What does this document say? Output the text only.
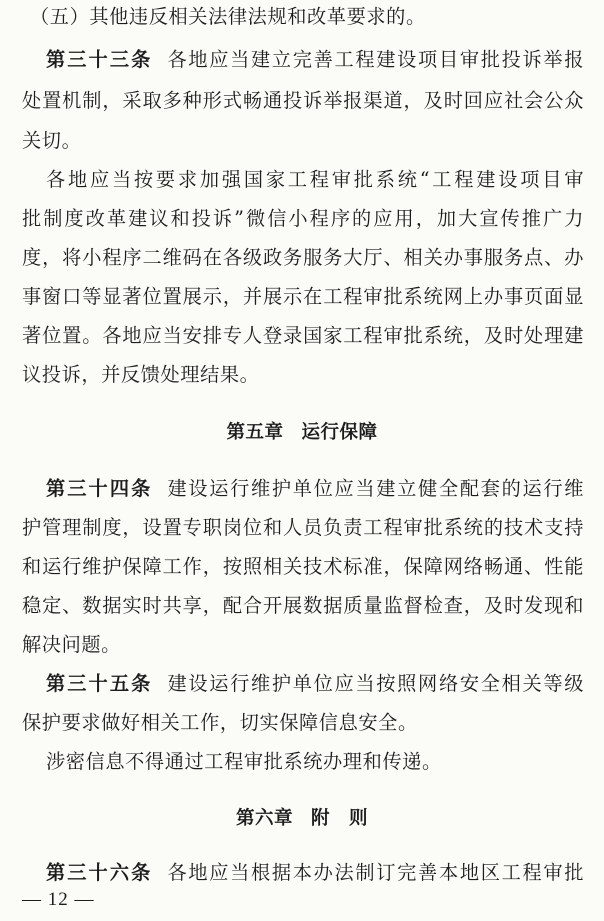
（五）其他违反相关法律法规和改革要求的。
第三十三条 各地应当建立完善工程建设项目审批投诉举报
处置机制，采取多种形式畅通投诉举报渠道，及时回应社会公众
关切。
各地应当按要求加强国家工程审批系统“工程建设项目审
批制度改革建议和投诉”微信小程序的应用，加大宣传推广力
度，将小程序二维码在各级政务服务大厅、相关办事服务点、办
事窗口等显著位置展示，并展示在工程审批系统网上办事页面显
著位置。各地应当安排专人登录国家工程审批系统，及时处理建
议投诉，并反馈处理结果。
第五章 运行保障
第三十四条 建设运行维护单位应当建立健全配套的运行维
护管理制度，设置专职岗位和人员负责工程审批系统的技术支持
和运行维护保障工作，按照相关技术标准，保障网络畅通、性能
稳定、数据实时共享，配合开展数据质量监督检查，及时发现和
解决问题。
第三十五条 建设运行维护单位应当按照网络安全相关等级
保护要求做好相关工作，切实保障信息安全。
涉密信息不得通过工程审批系统办理和传递。
第六章 附　则
第三十六条 各地应当根据本办法制订完善本地区工程审批
— 12 —
